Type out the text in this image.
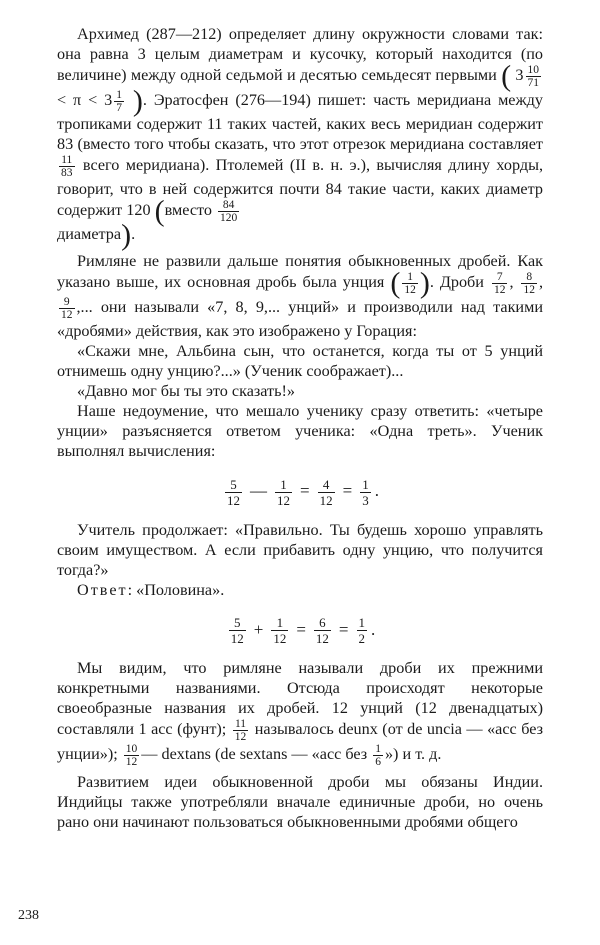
Архимед (287—212) определяет длину окружности словами так: она равна 3 целым диаметрам и кусочку, который находится (по величине) между одной седьмой и десятью семьдесят первыми ( $3 \frac{10}{71}$
< $\pi < 3 \frac{1}{7}$ ). Эратосфен (276—194) пишет: часть меридиана между тропиками содержит 11 таких частей, каких весь меридиан содержит 83 (вместо того чтобы сказать, что этот отрезок меридиана составляет
$\frac{11}{83}$ всего меридиана). Птолемей (II в. н. э.), вычисляя длину хорды, говорит, что в ней содержится почти 84 такие части, каких диаметр содержит 120 (вместо $\frac{84}{120}$

диаметра).

Римляне не развили дальше понятия обыкновенных дробей. Как указано выше, их основная дробь была унция ( $\frac{1}{12}$ ). Дроби $\frac{7}{12}$ , $\frac{8}{12}$ ,
$\frac{9}{12}$ ,... они называли «7, 8, 9,... унций» и производили над такими «дробями» действия, как это изображено у Горация:

«Скажи мне, Альбина сын, что останется, когда ты от 5 унций отнимешь одну унцию?...» (Ученик соображает)...

«Давно мог бы ты это сказать!»

Наше недоумение, что мешало ученику сразу ответить: «четыре унции» разъясняется ответом ученика: «Одна треть». Ученик выполнял вычисления:

$\frac{5}{12}$ — $\frac{1}{12} = \frac{4}{12} = \frac{1}{3}$ .

Учитель продолжает: «Правильно. Ты будешь хорошо управлять своим имуществом. А если прибавить одну унцию, что получится тогда?»

Ответ: «Половина».

$\frac{5}{12} + \frac{1}{12} = \frac{6}{12} = \frac{1}{2}$ .

Мы видим, что римляне называли дроби их прежними конкретными названиями. Отсюда происходят некоторые своеобразные названия их дробей. 12 унций (12 двенадцатых) составляли 1 асс (фунт); $\frac{11}{12}$ называлось deunx (от de uncia — «асс без унции»); $\frac{10}{12}$ — dextans (de sextans — «асс без $\frac{1}{6}$ ») и т. д.

Развитием идеи обыкновенной дроби мы обязаны Индии. Индийцы также употребляли вначале единичные дроби, но очень рано они начинают пользоваться обыкновенными дробями общего

238
